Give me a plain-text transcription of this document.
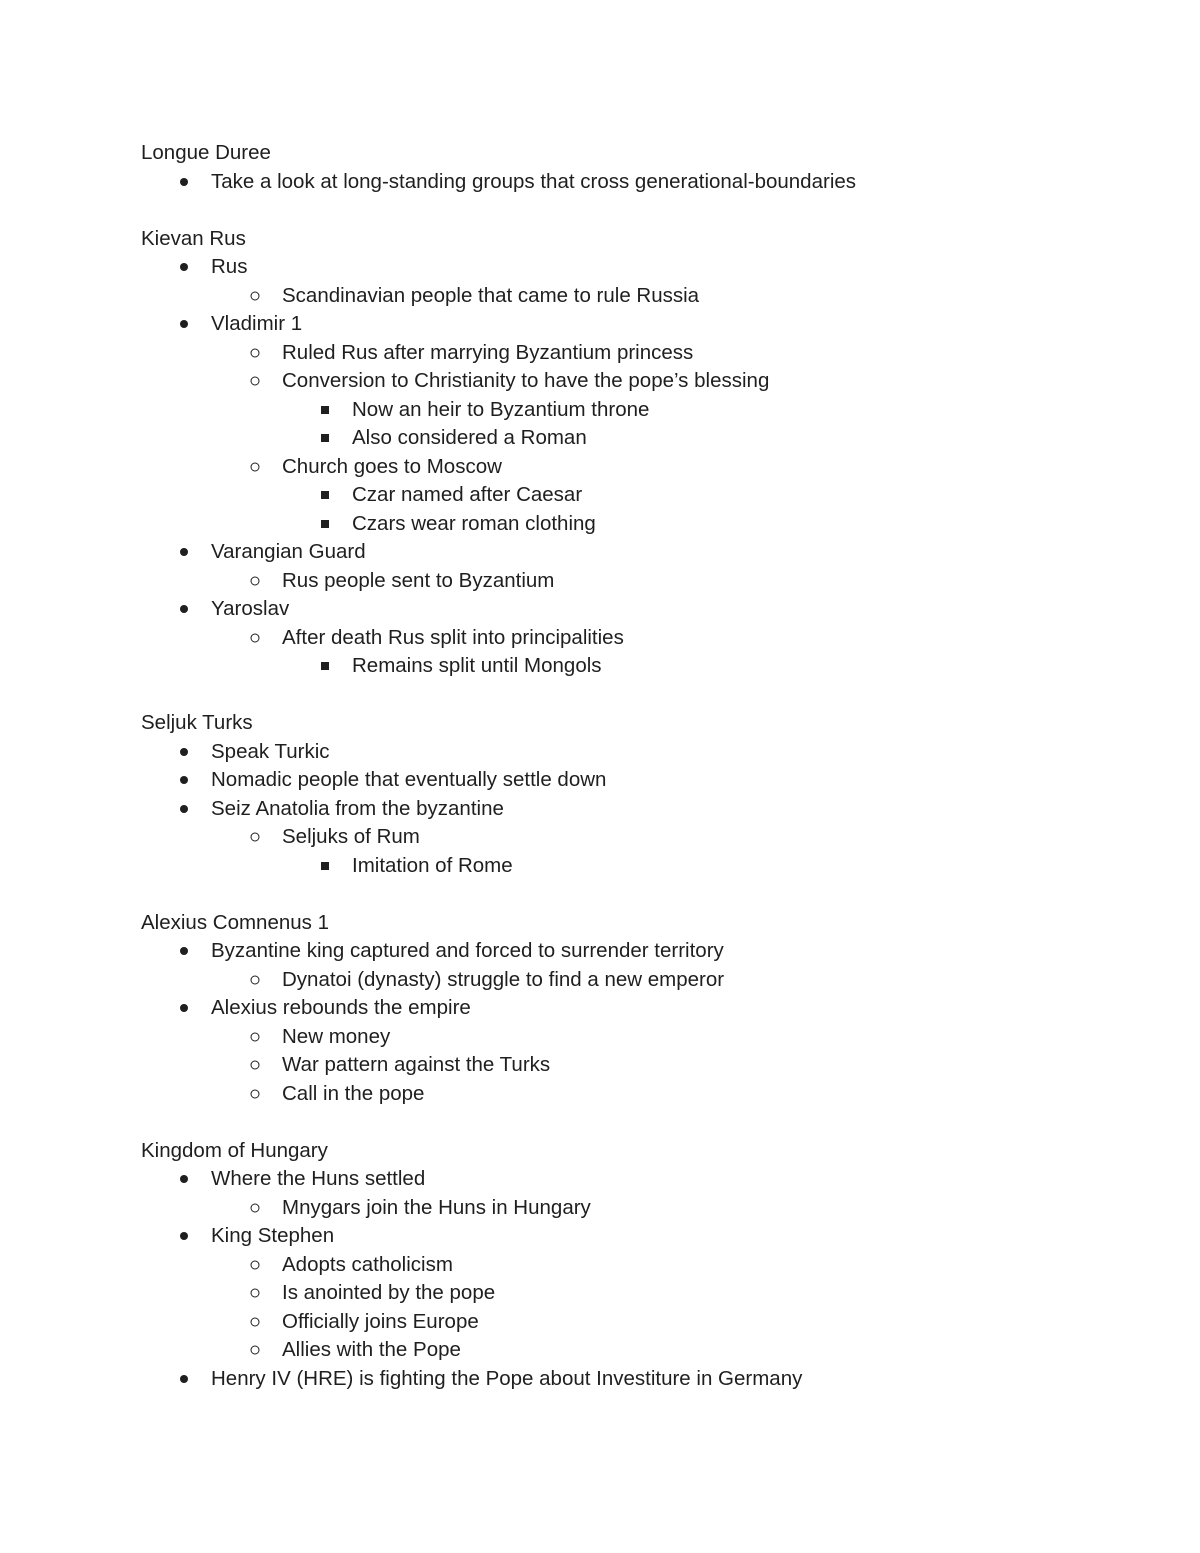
Longue Duree
Take a look at long-standing groups that cross generational-boundaries
Kievan Rus
Rus
Scandinavian people that came to rule Russia
Vladimir 1
Ruled Rus after marrying Byzantium princess
Conversion to Christianity to have the pope’s blessing
Now an heir to Byzantium throne
Also considered a Roman
Church goes to Moscow
Czar named after Caesar
Czars wear roman clothing
Varangian Guard
Rus people sent to Byzantium
Yaroslav
After death Rus split into principalities
Remains split until Mongols
Seljuk Turks
Speak Turkic
Nomadic people that eventually settle down
Seiz Anatolia from the byzantine
Seljuks of Rum
Imitation of Rome
Alexius Comnenus 1
Byzantine king captured and forced to surrender territory
Dynatoi (dynasty) struggle to find a new emperor
Alexius rebounds the empire
New money
War pattern against the Turks
Call in the pope
Kingdom of Hungary
Where the Huns settled
Mnygars join the Huns in Hungary
King Stephen
Adopts catholicism
Is anointed by the pope
Officially joins Europe
Allies with the Pope
Henry IV (HRE) is fighting the Pope about Investiture in Germany
